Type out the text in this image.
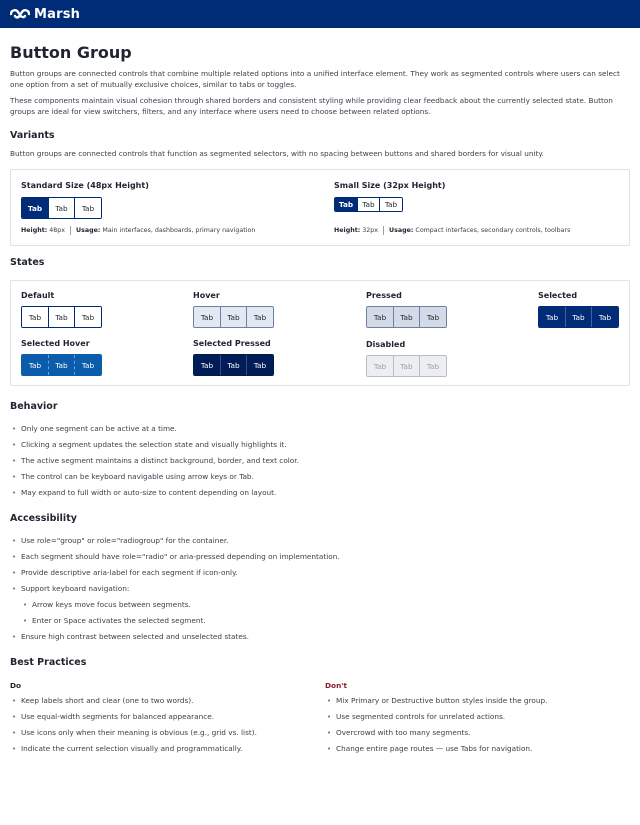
Marsh
Button Group

Button groups are connected controls that combine multiple related options into a unified interface element. They work as segmented controls where users can select one option from a set of mutually exclusive choices, similar to tabs or toggles.

These components maintain visual cohesion through shared borders and consistent styling while providing clear feedback about the currently selected state. Button groups are ideal for view switchers, filters, and any interface where users need to choose between related options.

Variants
Button groups are connected controls that function as segmented selectors, with no spacing between buttons and shared borders for visual unity.
Standard Size (48px Height)
Tab	Tab	Tab
Height:
48px Usage:
Main interfaces, dashboards, primary navigation
Small Size (32px Height)
Tab	Tab	Tab
Height:
32px Usage:
Compact interfaces, secondary controls, toolbars
States
Default
Tab	Tab	Tab
Hover
Tab	Tab	Tab
Pressed
Tab	Tab	Tab
Selected
Tab	Tab	Tab
Selected Hover
Tab	Tab	Tab
Selected Pressed
Tab	Tab	Tab
Disabled
Tab	Tab	Tab
Behavior
• Only one segment can be active at a time.
• Clicking a segment updates the selection state and visually highlights it.
• The active segment maintains a distinct background, border, and text color.
• The control can be keyboard navigable using arrow keys or Tab.
• May expand to full width or auto-size to content depending on layout.
Accessibility
• Use role="group" or role="radiogroup" for the container.
• Each segment should have role="radio" or aria-pressed depending on implementation.
• Provide descriptive aria-label for each segment if icon-only.
• Support keyboard navigation:
• Arrow keys move focus between segments.
• Enter or Space activates the selected segment.
• Ensure high contrast between selected and unselected states.
Best Practices
Do	Don't
• Keep labels short and clear (one to two words).
• Use equal-width segments for balanced appearance.
• Use icons only when their meaning is obvious (e.g., grid vs. list).
• Indicate the current selection visually and programmatically.
• Mix Primary or Destructive button styles inside the group.
• Use segmented controls for unrelated actions.
• Overcrowd with too many segments.
• Change entire page routes — use Tabs for navigation.
